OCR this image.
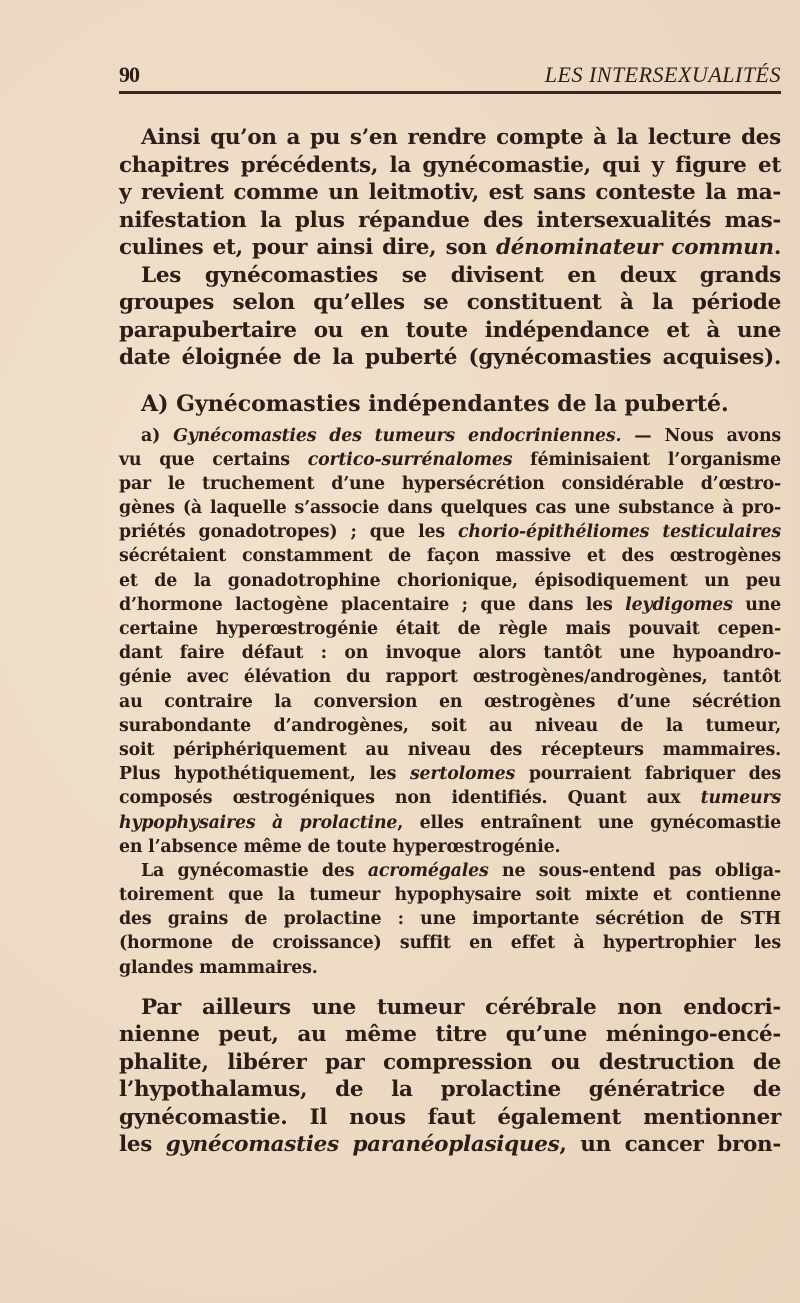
90	LES INTERSEXUALITÉS

Ainsi qu’on a pu s’en rendre compte à la lecture des
chapitres précédents, la gynécomastie, qui y figure et
y revient comme un leitmotiv, est sans conteste la ma-
nifestation la plus répandue des intersexualités mas-
culines et, pour ainsi dire, son dénominateur commun.

Les gynécomasties se divisent en deux grands
groupes selon qu’elles se constituent à la période
parapubertaire ou en toute indépendance et à une
date éloignée de la puberté (gynécomasties acquises).

A) Gynécomasties indépendantes de la puberté.

a) Gynécomasties des tumeurs endocriniennes. — Nous avons
vu que certains cortico-surrénalomes féminisaient l’organisme
par le truchement d’une hypersécrétion considérable d’œstro-
gènes (à laquelle s’associe dans quelques cas une substance à pro-
priétés gonadotropes) ; que les chorio-épithéliomes testiculaires
sécrétaient constamment de façon massive et des œstrogènes
et de la gonadotrophine chorionique, épisodiquement un peu
d’hormone lactogène placentaire ; que dans les leydigomes une
certaine hyperœstrogénie était de règle mais pouvait cepen-
dant faire défaut : on invoque alors tantôt une hypoandro-
génie avec élévation du rapport œstrogènes/androgènes, tantôt
au contraire la conversion en œstrogènes d’une sécrétion
surabondante d’androgènes, soit au niveau de la tumeur,
soit périphériquement au niveau des récepteurs mammaires.
Plus hypothétiquement, les sertolomes pourraient fabriquer des
composés œstrogéniques non identifiés. Quant aux tumeurs
hypophysaires à prolactine, elles entraînent une gynécomastie
en l’absence même de toute hyperœstrogénie.

La gynécomastie des acromégales ne sous-entend pas obliga-
toirement que la tumeur hypophysaire soit mixte et contienne
des grains de prolactine : une importante sécrétion de STH
(hormone de croissance) suffit en effet à hypertrophier les
glandes mammaires.

Par ailleurs une tumeur cérébrale non endocri-
nienne peut, au même titre qu’une méningo-encé-
phalite, libérer par compression ou destruction de
l’hypothalamus, de la prolactine génératrice de
gynécomastie. Il nous faut également mentionner
les gynécomasties paranéoplasiques, un cancer bron-
